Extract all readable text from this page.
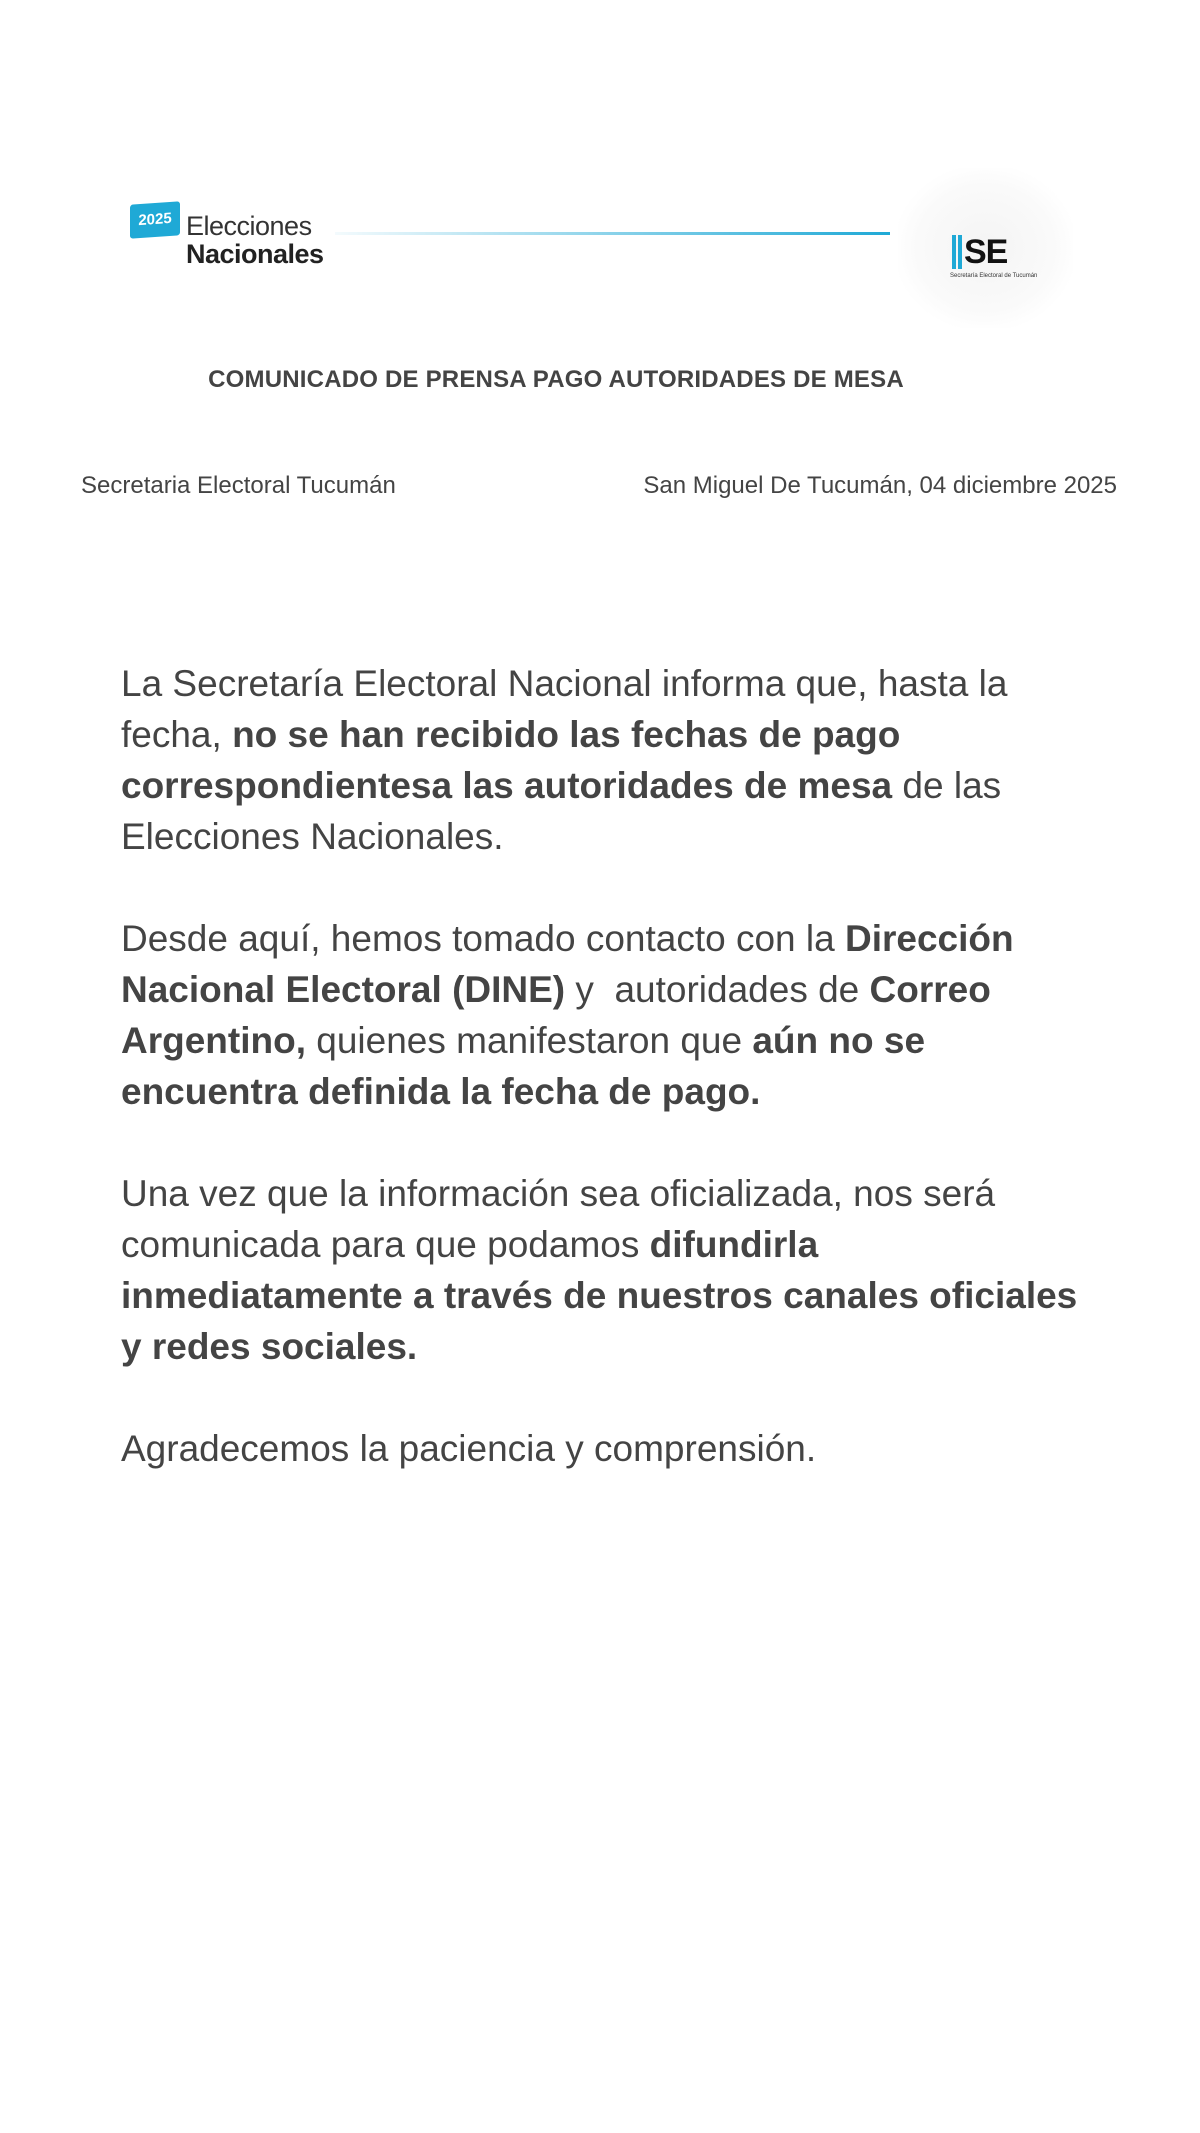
2025 Elecciones
Nacionales	SE
Secretaría Electoral de Tucumán
COMUNICADO DE PRENSA PAGO AUTORIDADES DE MESA
Secretaria Electoral Tucumán	San Miguel De Tucumán, 04 diciembre 2025

La Secretaría Electoral Nacional informa que, hasta la fecha, no se han recibido las fechas de pago correspondientesa las autoridades de mesa de las Elecciones Nacionales.

Desde aquí, hemos tomado contacto con la Dirección Nacional Electoral (DINE) y  autoridades de Correo Argentino, quienes manifestaron que aún no se encuentra definida la fecha de pago.

Una vez que la información sea oficializada, nos será comunicada para que podamos difundirla inmediatamente a través de nuestros canales oficiales y redes sociales.

Agradecemos la paciencia y comprensión.
